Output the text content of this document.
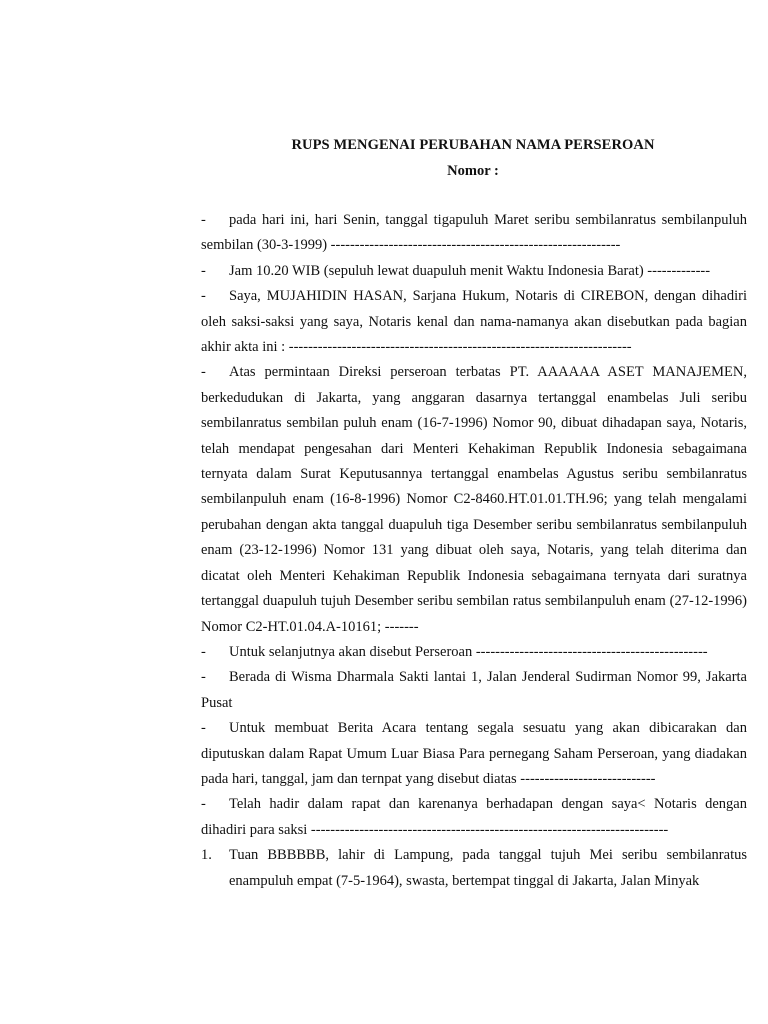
RUPS MENGENAI PERUBAHAN NAMA PERSEROAN
Nomor :

-	pada hari ini, hari Senin, tanggal tigapuluh Maret seribu sembilanratus sembilanpuluh sembilan (30-3-1999) ------------------------------------------------------------

-	Jam 10.20 WIB (sepuluh lewat duapuluh menit Waktu Indonesia Barat) -------------

-	Saya, MUJAHIDIN HASAN, Sarjana Hukum, Notaris di CIREBON, dengan dihadiri oleh saksi-saksi yang saya, Notaris kenal dan nama-namanya akan disebutkan pada bagian akhir akta ini : -----------------------------------------------------------------------

-	Atas permintaan Direksi perseroan terbatas PT. AAAAAA ASET MANAJEMEN, berkedudukan di Jakarta, yang anggaran dasarnya tertanggal enambelas Juli seribu sembilanratus sembilan puluh enam (16-7-1996) Nomor 90, dibuat dihadapan saya, Notaris, telah mendapat pengesahan dari Menteri Kehakiman Republik Indonesia sebagaimana ternyata dalam Surat Keputusannya tertanggal enambelas Agustus seribu sembilanratus sembilanpuluh enam (16-8-1996) Nomor C2-8460.HT.01.01.TH.96; yang telah mengalami perubahan dengan akta tanggal duapuluh tiga Desember seribu sembilanratus sembilanpuluh enam (23-12-1996) Nomor 131 yang dibuat oleh saya, Notaris, yang telah diterima dan dicatat oleh Menteri Kehakiman Republik Indonesia sebagaimana ternyata dari suratnya tertanggal duapuluh tujuh Desember seribu sembilan ratus sembilanpuluh enam (27-12-1996) Nomor C2-HT.01.04.A-10161; -------

-	Untuk selanjutnya akan disebut Perseroan ------------------------------------------------

-	Berada di Wisma Dharmala Sakti lantai 1, Jalan Jenderal Sudirman Nomor 99, Jakarta Pusat

-	Untuk membuat Berita Acara tentang segala sesuatu yang akan dibicarakan dan diputuskan dalam Rapat Umum Luar Biasa Para pernegang Saham Perseroan, yang diadakan pada hari, tanggal, jam dan ternpat yang disebut diatas ----------------------------

-	Telah hadir dalam rapat dan karenanya berhadapan dengan saya< Notaris dengan dihadiri para saksi --------------------------------------------------------------------------

1. Tuan BBBBBB, lahir di Lampung, pada tanggal tujuh Mei seribu sembilanratus enampuluh empat (7-5-1964), swasta, bertempat tinggal di Jakarta, Jalan Minyak
